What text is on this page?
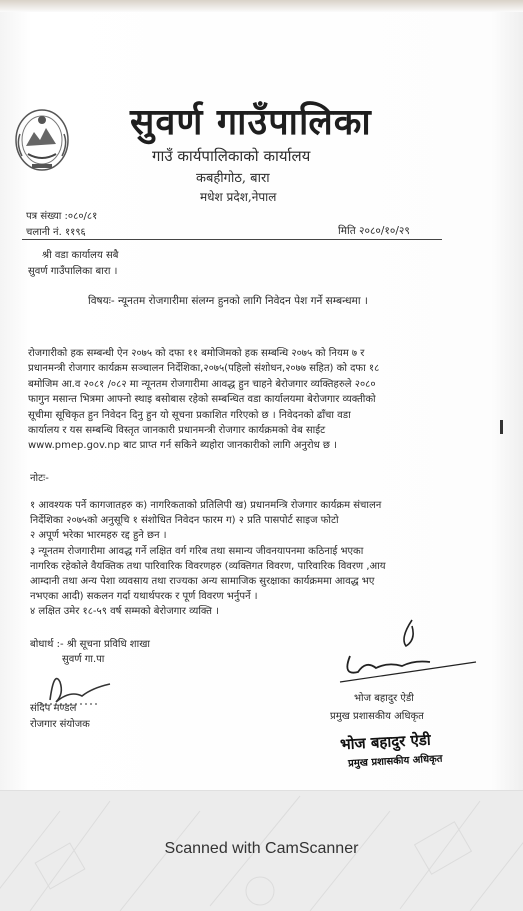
सुवर्ण गाउँपालिका
गाउँ कार्यपालिकाको कार्यालय
कबहीगोठ, बारा
मधेश प्रदेश,नेपाल
पत्र संख्या :०८०/८१
चलानी नं. ११९६	मिति २०८०/१०/२९
श्री वडा कार्यालय सबै
सुवर्ण गाउँपालिका बारा ।
विषयः- न्यूनतम रोजगारीमा संलग्न हुनको लागि निवेदन पेश गर्ने सम्बन्धमा ।
रोजगारीको हक सम्बन्धी ऐन २०७५ को दफा ११ बमोजिमको हक सम्बन्धि २०७५ को नियम ७ र
प्रधानमन्त्री रोजगार कार्यक्रम सञ्चालन निर्देशिका,२०७५(पहिलो संशोधन,२०७७ सहित) को दफा १८
बमोजिम आ.व २०८१ /०८२ मा न्यूनतम रोजगारीमा आवद्ध हुन चाहने बेरोजगार व्यक्तिहरुले २०८०
फागुन मसान्त भित्रमा आफ्नो स्थाइ बसोबास रहेको सम्बन्धित वडा कार्यालयमा बेरोजगार व्यक्तीको
सूचीमा सूचिकृत हुन निवेदन दिनु हुन यो सूचना प्रकाशित गरिएको छ । निवेदनको ढाँचा वडा
कार्यालय र यस सम्बन्धि विस्तृत जानकारी प्रधानमन्त्री रोजगार कार्यक्रमको वेब साईट
www.pmep.gov.np बाट प्राप्त गर्न सकिने ब्यहोरा जानकारीको लागि अनुरोध छ ।
नोटः-
१ आवश्यक पर्ने कागजातहरु क) नागरिकताको प्रतिलिपी ख) प्रधानमन्त्रि रोजगार कार्यक्रम संचालन
निर्देशिका २०७५को अनुसूचि १ संशोधित निवेदन फारम ग) २ प्रति पासपोर्ट साइज फोटो
२ अपूर्ण भरेका भारमहरु रद्द हुने छन ।
३ न्यूनतम रोजगारीमा आवद्ध गर्ने लक्षित वर्ग गरिब तथा समान्य जीवनयापनमा कठिनाई भएका
नागरिक रहेकोले वैयक्तिक तथा पारिवारिक विवरणहरु (व्यक्तिगत विवरण, पारिवारिक विवरण ,आय
आम्दानी तथा अन्य पेशा व्यवसाय तथा राज्यका अन्य सामाजिक सुरक्षाका कार्यक्रममा आवद्ध भए
नभएका आदी) सकलन गर्दा यथार्थपरक र पूर्ण विवरण भर्नुपर्ने ।
४ लक्षित उमेर १८-५९ वर्ष सम्मको बेरोजगार व्यक्ति ।
बोधार्थ :- श्री सूचना प्रविधि शाखा
सुवर्ण गा.पा
संदिप मण्डल
रोजगार संयोजक
भोज बहादुर ऐडी
प्रमुख प्रशासकीय अधिकृत
भोज बहादुर ऐडी
प्रमुख प्रशासकीय अधिकृत
Scanned with CamScanner
